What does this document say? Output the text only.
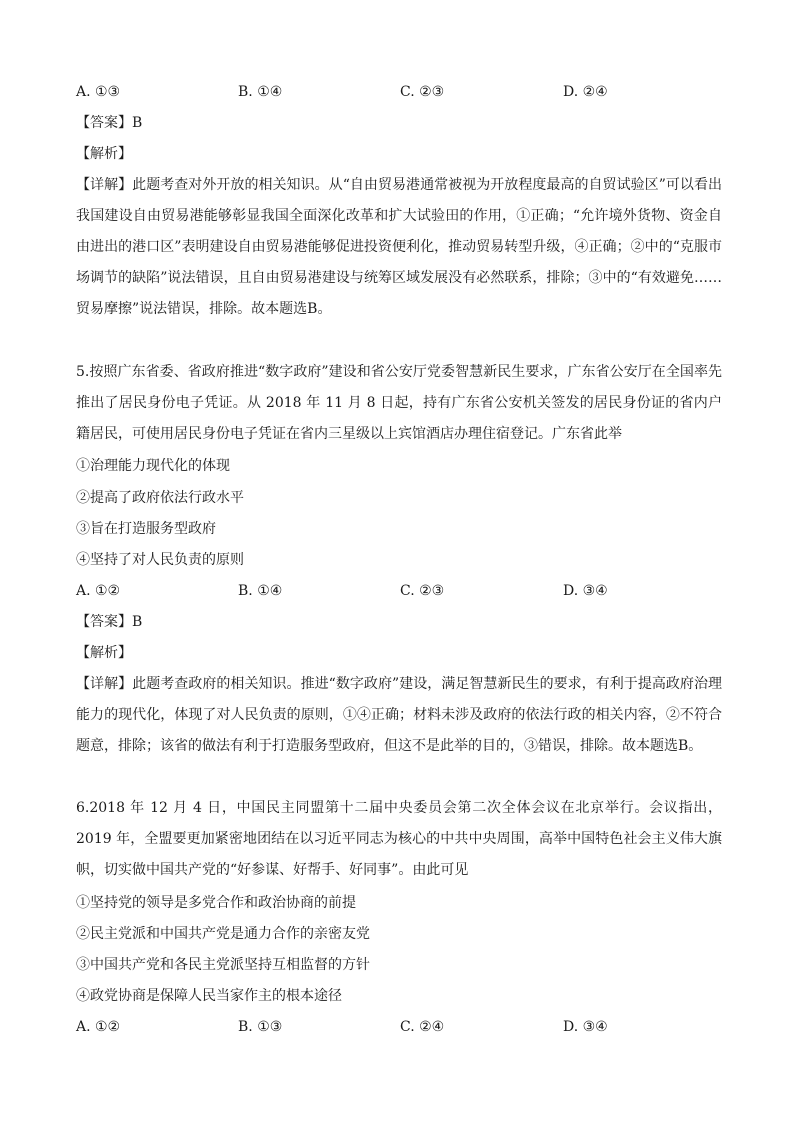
A. ①③	B. ①④	C. ②③	D. ②④
【答案】B
【解析】
【详解】此题考查对外开放的相关知识。从“自由贸易港通常被视为开放程度最高的自贸试验区”可以看出我国建设自由贸易港能够彰显我国全面深化改革和扩大试验田的作用，①正确；“允许境外货物、资金自由进出的港口区”表明建设自由贸易港能够促进投资便利化，推动贸易转型升级，④正确；②中的“克服市场调节的缺陷”说法错误，且自由贸易港建设与统筹区域发展没有必然联系，排除；③中的“有效避免……贸易摩擦”说法错误，排除。故本题选B。
5.按照广东省委、省政府推进“数字政府”建设和省公安厅党委智慧新民生要求，广东省公安厅在全国率先推出了居民身份电子凭证。从 2018 年 11 月 8 日起，持有广东省公安机关签发的居民身份证的省内户籍居民，可使用居民身份电子凭证在省内三星级以上宾馆酒店办理住宿登记。广东省此举
①治理能力现代化的体现
②提高了政府依法行政水平
③旨在打造服务型政府
④坚持了对人民负责的原则
A. ①②	B. ①④	C. ②③	D. ③④
【答案】B
【解析】
【详解】此题考查政府的相关知识。推进“数字政府”建设，满足智慧新民生的要求，有利于提高政府治理能力的现代化，体现了对人民负责的原则，①④正确；材料未涉及政府的依法行政的相关内容，②不符合题意，排除；该省的做法有利于打造服务型政府，但这不是此举的目的，③错误，排除。故本题选B。
6.2018 年 12 月 4 日，中国民主同盟第十二届中央委员会第二次全体会议在北京举行。会议指出，2019 年，全盟要更加紧密地团结在以习近平同志为核心的中共中央周围，高举中国特色社会主义伟大旗帜，切实做中国共产党的“好参谋、好帮手、好同事”。由此可见
①坚持党的领导是多党合作和政治协商的前提
②民主党派和中国共产党是通力合作的亲密友党
③中国共产党和各民主党派坚持互相监督的方针
④政党协商是保障人民当家作主的根本途径
A. ①②	B. ①③	C. ②④	D. ③④
